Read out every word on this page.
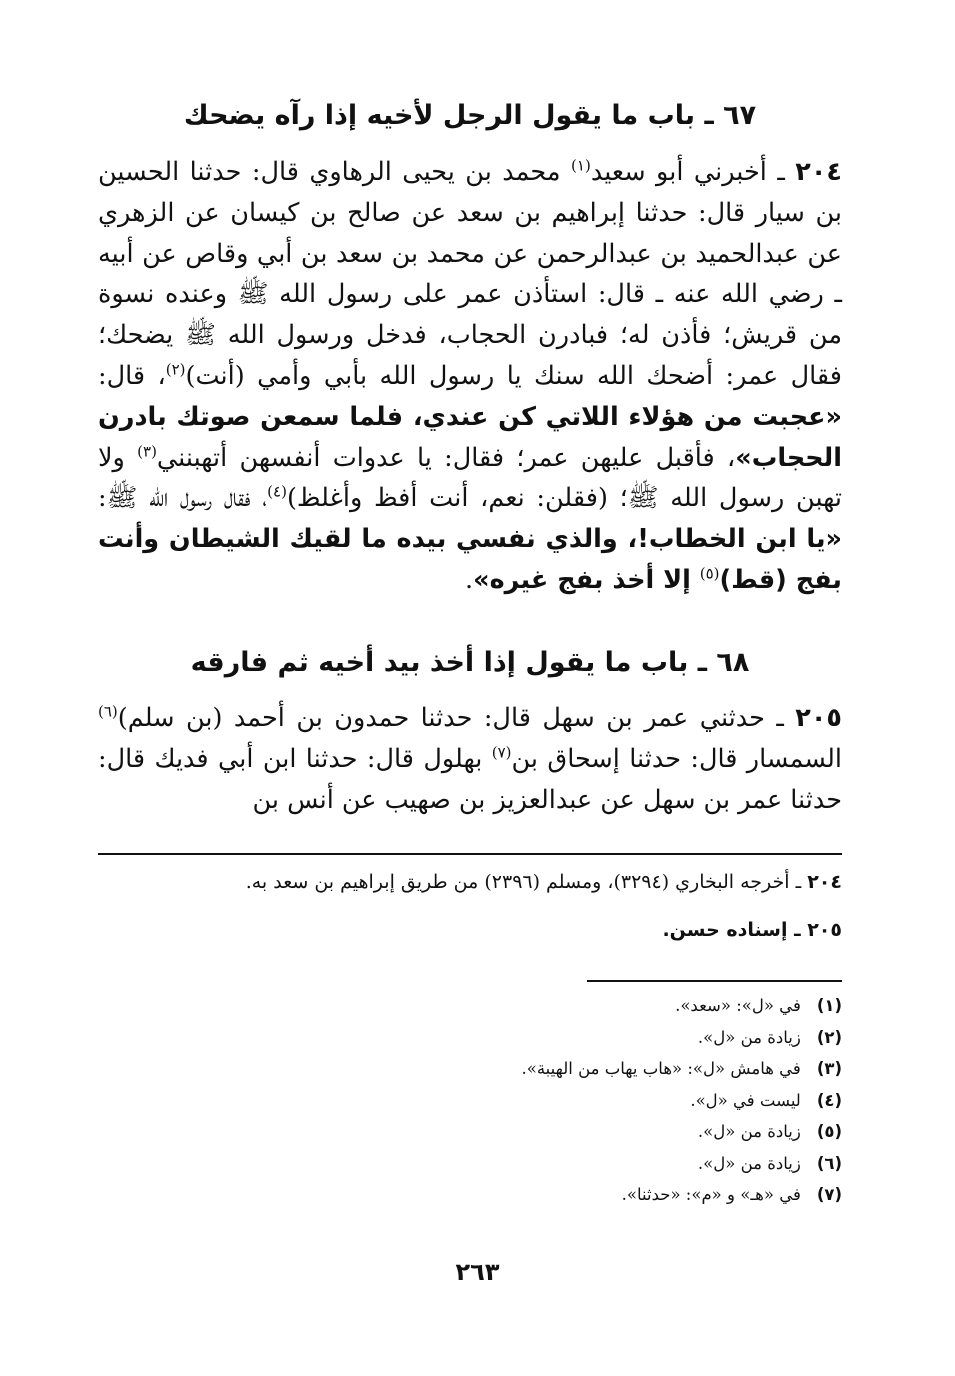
٦٧ ـ باب ما يقول الرجل لأخيه إذا رآه يضحك

٢٠٤ ـ أخبرني أبو سعيد$^{(١)}$ محمد بن يحيى الرهاوي قال: حدثنا الحسين بن سيار قال: حدثنا إبراهيم بن سعد عن صالح بن كيسان عن الزهري عن عبدالحميد بن عبدالرحمن عن محمد بن سعد بن أبي وقاص عن أبيه ـ رضي الله عنه ـ قال: استأذن عمر على رسول الله ﷺ وعنده نسوة من قريش؛ فأذن له؛ فبادرن الحجاب، فدخل ورسول الله ﷺ يضحك؛ فقال عمر: أضحك الله سنك يا رسول الله بأبي وأمي (أنت)$^{(٢)}$، قال: «عجبت من هؤلاء اللاتي كن عندي، فلما سمعن صوتك بادرن الحجاب»، فأقبل عليهن عمر؛ فقال: يا عدوات أنفسهن أتهبنني$^{(٣)}$ ولا تهبن رسول الله ﷺ؛ (فقلن: نعم، أنت أفظ وأغلظ)$^{(٤)}$، فقال رسول الله ﷺ: «يا ابن الخطاب!، والذي نفسي بيده ما لقيك الشيطان وأنت بفج (قط)$^{(٥)}$ إلا أخذ بفج غيره».

٦٨ ـ باب ما يقول إذا أخذ بيد أخيه ثم فارقه

٢٠٥ ـ حدثني عمر بن سهل قال: حدثنا حمدون بن أحمد (بن سلم)$^{(٦)}$ السمسار قال: حدثنا إسحاق بن$^{(٧)}$ بهلول قال: حدثنا ابن أبي فديك قال: حدثنا عمر بن سهل عن عبدالعزيز بن صهيب عن أنس بن

٢٠٤ ـ أخرجه البخاري (٣٢٩٤)، ومسلم (٢٣٩٦) من طريق إبراهيم بن سعد به.

٢٠٥ ـ إسناده حسن.

(١)في «ل»: «سعد».
(٢)زيادة من «ل».
(٣)في هامش «ل»: «هاب يهاب من الهيبة».
(٤)ليست في «ل».
(٥)زيادة من «ل».
(٦)زيادة من «ل».
(٧)في «هـ» و «م»: «حدثنا».
٢٦٣
